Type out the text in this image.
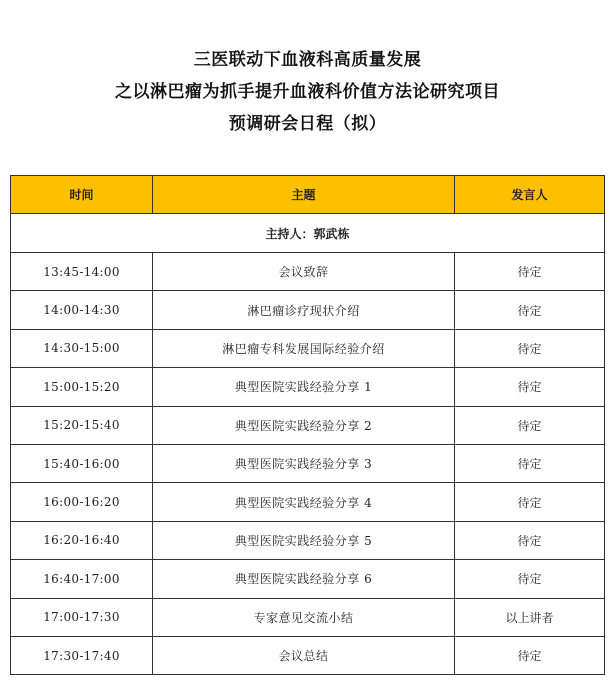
三医联动下血液科高质量发展
之以淋巴瘤为抓手提升血液科价值方法论研究项目
预调研会日程（拟）
时间	主题	发言人
主持人：郭武栋		
13:45-14:00	会议致辞	待定
14:00-14:30	淋巴瘤诊疗现状介绍	待定
14:30-15:00	淋巴瘤专科发展国际经验介绍	待定
15:00-15:20	典型医院实践经验分享 1	待定
15:20-15:40	典型医院实践经验分享 2	待定
15:40-16:00	典型医院实践经验分享 3	待定
16:00-16:20	典型医院实践经验分享 4	待定
16:20-16:40	典型医院实践经验分享 5	待定
16:40-17:00	典型医院实践经验分享 6	待定
17:00-17:30	专家意见交流小结	以上讲者
17:30-17:40	会议总结	待定
